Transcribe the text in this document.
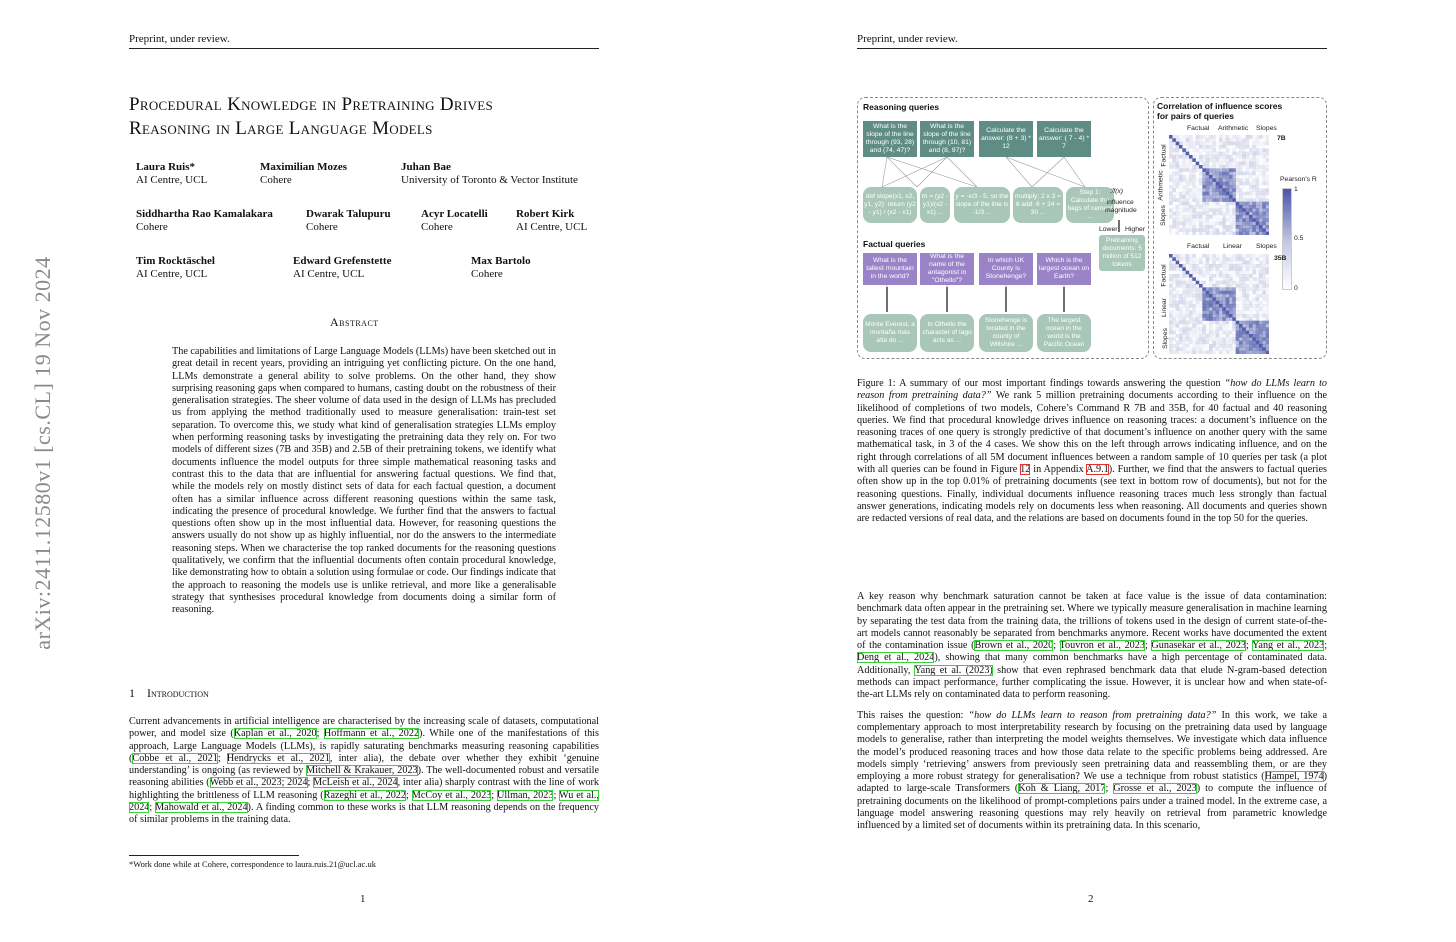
Preprint, under review.
arXiv:2411.12580v1 [cs.CL] 19 Nov 2024
Procedural Knowledge in Pretraining Drives
Reasoning in Large Language Models
Laura Ruis*
AI Centre, UCL
Maximilian Mozes
Cohere
Juhan Bae
University of Toronto & Vector Institute
Siddhartha Rao Kamalakara
Cohere
Dwarak Talupuru
Cohere
Acyr Locatelli
Cohere
Robert Kirk
AI Centre, UCL
Tim Rocktäschel
AI Centre, UCL
Edward Grefenstette
AI Centre, UCL
Max Bartolo
Cohere
Abstract
The capabilities and limitations of Large Language Models (LLMs) have been sketched out in great detail in recent years, providing an intriguing yet conflicting picture. On the one hand, LLMs demonstrate a general ability to solve problems. On the other hand, they show surprising reasoning gaps when compared to humans, casting doubt on the robustness of their generalisation strategies. The sheer volume of data used in the design of LLMs has precluded us from applying the method traditionally used to measure generalisation: train-test set separation. To overcome this, we study what kind of generalisation strategies LLMs employ when performing reasoning tasks by investigating the pretraining data they rely on. For two models of different sizes (7B and 35B) and 2.5B of their pretraining tokens, we identify what documents influence the model outputs for three simple mathematical reasoning tasks and contrast this to the data that are influential for answering factual questions. We find that, while the models rely on mostly distinct sets of data for each factual question, a document often has a similar influence across different reasoning questions within the same task, indicating the presence of procedural knowledge. We further find that the answers to factual questions often show up in the most influential data. However, for reasoning questions the answers usually do not show up as highly influential, nor do the answers to the intermediate reasoning steps. When we characterise the top ranked documents for the reasoning questions qualitatively, we confirm that the influential documents often contain procedural knowledge, like demonstrating how to obtain a solution using formulae or code. Our findings indicate that the approach to reasoning the models use is unlike retrieval, and more like a generalisable strategy that synthesises procedural knowledge from documents doing a similar form of reasoning.
1 Introduction
Current advancements in artificial intelligence are characterised by the increasing scale of datasets, computational power, and model size (Kaplan et al., 2020; Hoffmann et al., 2022). While one of the manifestations of this approach, Large Language Models (LLMs), is rapidly saturating benchmarks measuring reasoning capabilities (Cobbe et al., 2021; Hendrycks et al., 2021, inter alia), the debate over whether they exhibit ‘genuine understanding’ is ongoing (as reviewed by Mitchell & Krakauer, 2023). The well-documented robust and versatile reasoning abilities (Webb et al., 2023; 2024; McLeish et al., 2024, inter alia) sharply contrast with the line of work highlighting the brittleness of LLM reasoning (Razeghi et al., 2022; McCoy et al., 2023; Ullman, 2023; Wu et al., 2024; Mahowald et al., 2024). A finding common to these works is that LLM reasoning depends on the frequency of similar problems in the training data.
*Work done while at Cohere, correspondence to laura.ruis.21@ucl.ac.uk
1
Preprint, under review.
2
Reasoning queries
What is the slope of the line through (93, 28) and (74, 47)?
What is the slope of the line through (10, 81) and (8, 97)?
Calculate the answer: (8 + 3) * 12
Calculate the answer: ( 7 - 4) * 7
def slope(x1, x2, y1, y2): return (y2 - y1) / (x2 - x1)
m = (y2 - y1)/(x2 - x1) ...
y = -x/3 - 5, so the slope of the line is -1/3 ...
multiply: 2 x 3 = 6 add: 6 + 24 = 30 ...
Step 1: Calculate the bags of cement ...
ℐf(x)
Influence magnitude
Lower Higher
Pretraining documents: 5 million of 512 tokens
Factual queries
What is the tallest mountain in the world?
What is the name of the antagonist in "Othello"?
In which UK County is Stonehenge?
Which is the largest ocean on Earth?
Monte Everest, a montaña más alta do ...
In Othello the character of Iago acts as ...
Stonehenge is located in the county of Wiltshire ...
The largest ocean in the world is the Pacific Ocean
Correlation of influence scores
for pairs of queries
Factual Arithmetic Slopes
7B
Factual
Arithmetic
Slopes
Pearson's R
1
0.5
0
Factual Linear Slopes
35B
Factual
Linear
Slopes
Figure 1: A summary of our most important findings towards answering the question “how do LLMs learn to reason from pretraining data?” We rank 5 million pretraining documents according to their influence on the likelihood of completions of two models, Cohere’s Command R 7B and 35B, for 40 factual and 40 reasoning queries. We find that procedural knowledge drives influence on reasoning traces: a document’s influence on the reasoning traces of one query is strongly predictive of that document’s influence on another query with the same mathematical task, in 3 of the 4 cases. We show this on the left through arrows indicating influence, and on the right through correlations of all 5M document influences between a random sample of 10 queries per task (a plot with all queries can be found in Figure 12 in Appendix A.9.1). Further, we find that the answers to factual queries often show up in the top 0.01% of pretraining documents (see text in bottom row of documents), but not for the reasoning questions. Finally, individual documents influence reasoning traces much less strongly than factual answer generations, indicating models rely on documents less when reasoning. All documents and queries shown are redacted versions of real data, and the relations are based on documents found in the top 50 for the queries.

A key reason why benchmark saturation cannot be taken at face value is the issue of data contamination: benchmark data often appear in the pretraining set. Where we typically measure generalisation in machine learning by separating the test data from the training data, the trillions of tokens used in the design of current state-of-the-art models cannot reasonably be separated from benchmarks anymore. Recent works have documented the extent of the contamination issue (Brown et al., 2020; Touvron et al., 2023; Gunasekar et al., 2023; Yang et al., 2023; Deng et al., 2024), showing that many common benchmarks have a high percentage of contaminated data. Additionally, Yang et al. (2023) show that even rephrased benchmark data that elude N-gram-based detection methods can impact performance, further complicating the issue. However, it is unclear how and when state-of-the-art LLMs rely on contaminated data to perform reasoning.

This raises the question: “how do LLMs learn to reason from pretraining data?” In this work, we take a complementary approach to most interpretability research by focusing on the pretraining data used by language models to generalise, rather than interpreting the model weights themselves. We investigate which data influence the model’s produced reasoning traces and how those data relate to the specific problems being addressed. Are models simply ‘retrieving’ answers from previously seen pretraining data and reassembling them, or are they employing a more robust strategy for generalisation? We use a technique from robust statistics (Hampel, 1974) adapted to large-scale Transformers (Koh & Liang, 2017; Grosse et al., 2023) to compute the influence of pretraining documents on the likelihood of prompt-completions pairs under a trained model. In the extreme case, a language model answering reasoning questions may rely heavily on retrieval from parametric knowledge influenced by a limited set of documents within its pretraining data. In this scenario,
